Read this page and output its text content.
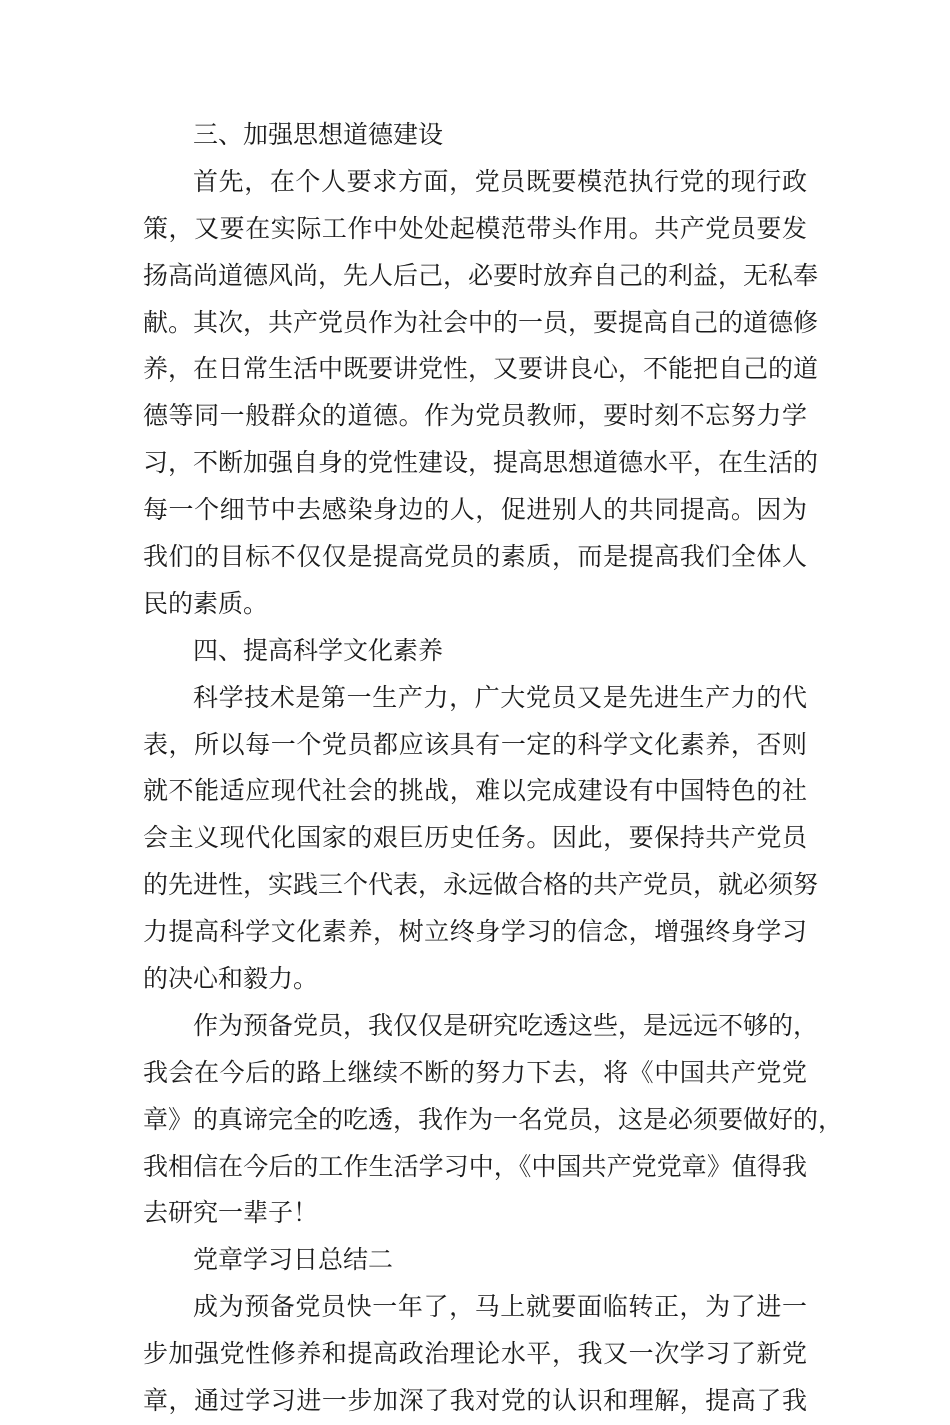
三、加强思想道德建设
首先，在个人要求方面，党员既要模范执行党的现行政
策，又要在实际工作中处处起模范带头作用。共产党员要发
扬高尚道德风尚，先人后己，必要时放弃自己的利益，无私奉
献。其次，共产党员作为社会中的一员，要提高自己的道德修
养，在日常生活中既要讲党性，又要讲良心，不能把自己的道
德等同一般群众的道德。作为党员教师，要时刻不忘努力学
习，不断加强自身的党性建设，提高思想道德水平，在生活的
每一个细节中去感染身边的人，促进别人的共同提高。因为
我们的目标不仅仅是提高党员的素质，而是提高我们全体人
民的素质。
四、提高科学文化素养
科学技术是第一生产力，广大党员又是先进生产力的代
表，所以每一个党员都应该具有一定的科学文化素养，否则
就不能适应现代社会的挑战，难以完成建设有中国特色的社
会主义现代化国家的艰巨历史任务。因此，要保持共产党员
的先进性，实践三个代表，永远做合格的共产党员，就必须努
力提高科学文化素养，树立终身学习的信念，增强终身学习
的决心和毅力。
作为预备党员，我仅仅是研究吃透这些，是远远不够的，
我会在今后的路上继续不断的努力下去，将《中国共产党党
章》的真谛完全的吃透，我作为一名党员，这是必须要做好的，
我相信在今后的工作生活学习中，《中国共产党党章》值得我
去研究一辈子！
党章学习日总结二
成为预备党员快一年了，马上就要面临转正，为了进一
步加强党性修养和提高政治理论水平，我又一次学习了新党
章，通过学习进一步加深了我对党的认识和理解，提高了我
